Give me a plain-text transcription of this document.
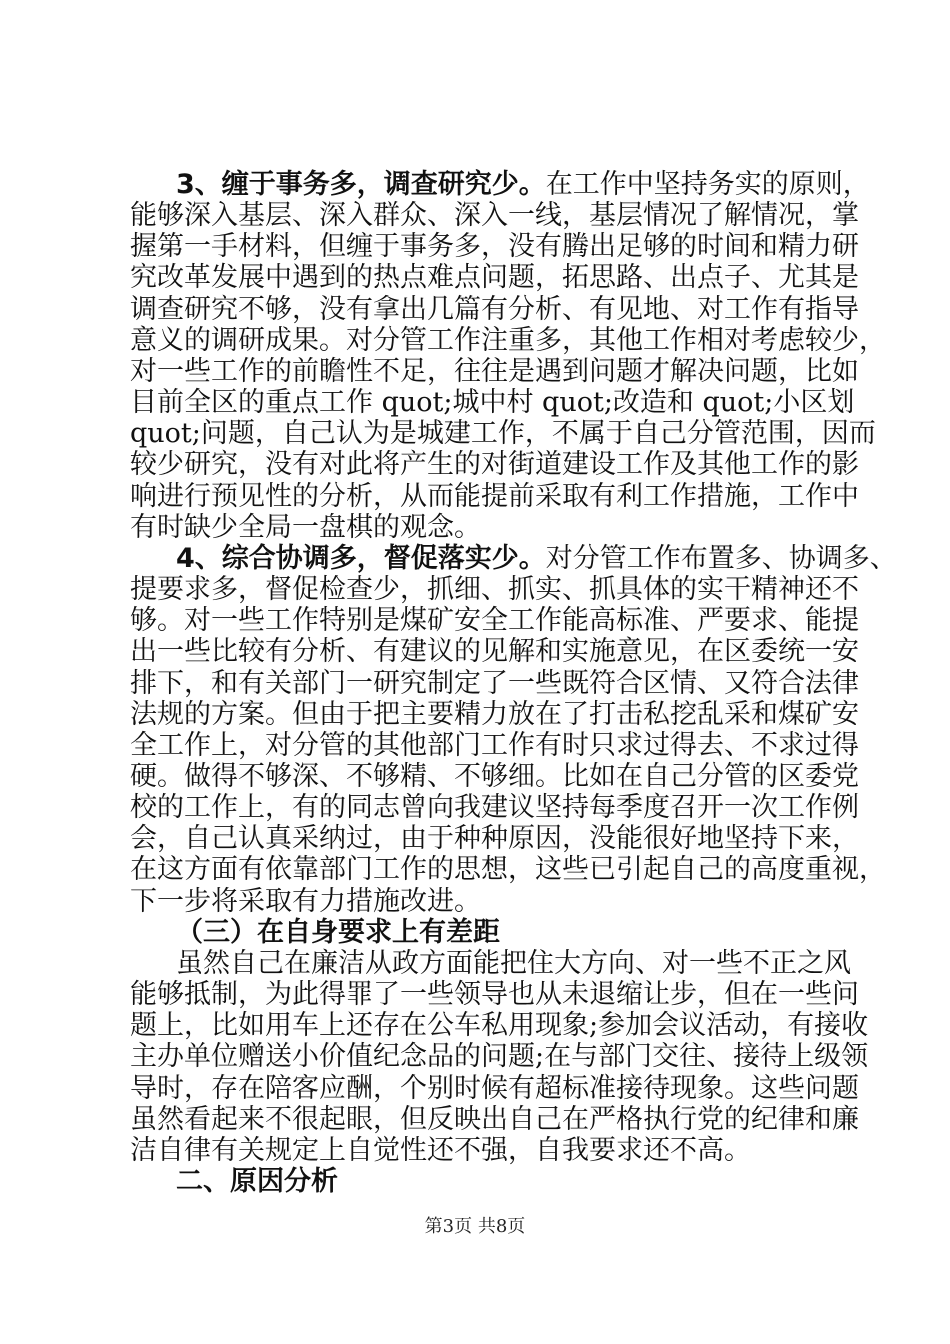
3、缠于事务多，调查研究少。在工作中坚持务实的原则，
能够深入基层、深入群众、深入一线，基层情况了解情况，掌
握第一手材料，但缠于事务多，没有腾出足够的时间和精力研
究改革发展中遇到的热点难点问题，拓思路、出点子、尤其是
调查研究不够，没有拿出几篇有分析、有见地、对工作有指导
意义的调研成果。对分管工作注重多，其他工作相对考虑较少，
对一些工作的前瞻性不足，往往是遇到问题才解决问题，比如
目前全区的重点工作 quot;城中村 quot;改造和 quot;小区划
quot;问题，自己认为是城建工作，不属于自己分管范围，因而
较少研究，没有对此将产生的对街道建设工作及其他工作的影
响进行预见性的分析，从而能提前采取有利工作措施，工作中
有时缺少全局一盘棋的观念。
4、综合协调多，督促落实少。对分管工作布置多、协调多、
提要求多，督促检查少，抓细、抓实、抓具体的实干精神还不
够。对一些工作特别是煤矿安全工作能高标准、严要求、能提
出一些比较有分析、有建议的见解和实施意见，在区委统一安
排下，和有关部门一研究制定了一些既符合区情、又符合法律
法规的方案。但由于把主要精力放在了打击私挖乱采和煤矿安
全工作上，对分管的其他部门工作有时只求过得去、不求过得
硬。做得不够深、不够精、不够细。比如在自己分管的区委党
校的工作上，有的同志曾向我建议坚持每季度召开一次工作例
会，自己认真采纳过，由于种种原因，没能很好地坚持下来，
在这方面有依靠部门工作的思想，这些已引起自己的高度重视，
下一步将采取有力措施改进。
（三）在自身要求上有差距
虽然自己在廉洁从政方面能把住大方向、对一些不正之风
能够抵制，为此得罪了一些领导也从未退缩让步，但在一些问
题上，比如用车上还存在公车私用现象;参加会议活动，有接收
主办单位赠送小价值纪念品的问题;在与部门交往、接待上级领
导时，存在陪客应酬，个别时候有超标准接待现象。这些问题
虽然看起来不很起眼，但反映出自己在严格执行党的纪律和廉
洁自律有关规定上自觉性还不强，自我要求还不高。
二、原因分析
第3页 共8页
